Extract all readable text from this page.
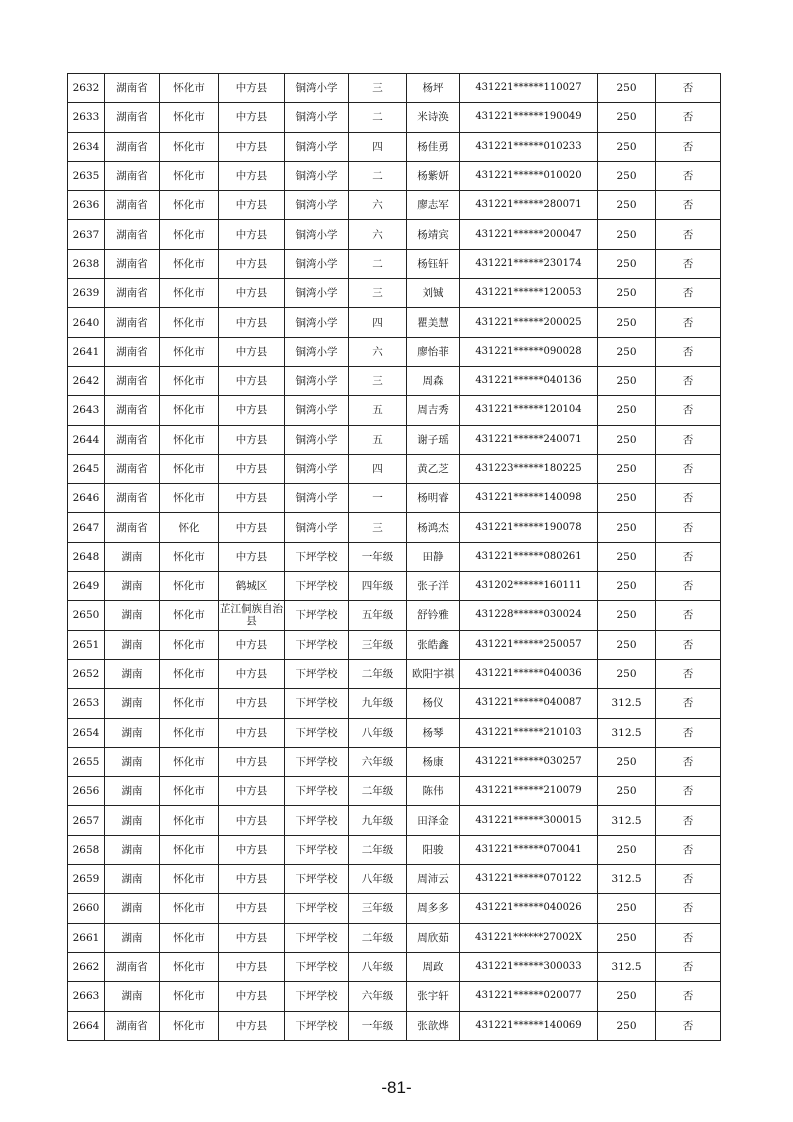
2632	湖南省	怀化市	中方县	铜湾小学	三	杨坪	431221******110027	250	否
2633	湖南省	怀化市	中方县	铜湾小学	二	米诗涣	431221******190049	250	否
2634	湖南省	怀化市	中方县	铜湾小学	四	杨佳勇	431221******010233	250	否
2635	湖南省	怀化市	中方县	铜湾小学	二	杨紫妍	431221******010020	250	否
2636	湖南省	怀化市	中方县	铜湾小学	六	廖志军	431221******280071	250	否
2637	湖南省	怀化市	中方县	铜湾小学	六	杨靖宾	431221******200047	250	否
2638	湖南省	怀化市	中方县	铜湾小学	二	杨钰轩	431221******230174	250	否
2639	湖南省	怀化市	中方县	铜湾小学	三	刘铖	431221******120053	250	否
2640	湖南省	怀化市	中方县	铜湾小学	四	瞿美慧	431221******200025	250	否
2641	湖南省	怀化市	中方县	铜湾小学	六	廖怡菲	431221******090028	250	否
2642	湖南省	怀化市	中方县	铜湾小学	三	周森	431221******040136	250	否
2643	湖南省	怀化市	中方县	铜湾小学	五	周吉秀	431221******120104	250	否
2644	湖南省	怀化市	中方县	铜湾小学	五	谢子瑶	431221******240071	250	否
2645	湖南省	怀化市	中方县	铜湾小学	四	黄乙芝	431223******180225	250	否
2646	湖南省	怀化市	中方县	铜湾小学	一	杨明睿	431221******140098	250	否
2647	湖南省	怀化	中方县	铜湾小学	三	杨鸿杰	431221******190078	250	否
2648	湖南	怀化市	中方县	下坪学校	一年级	田静	431221******080261	250	否
2649	湖南	怀化市	鹤城区	下坪学校	四年级	张子洋	431202******160111	250	否
2650	湖南	怀化市	芷江侗族自治县	下坪学校	五年级	舒钤雅	431228******030024	250	否
2651	湖南	怀化市	中方县	下坪学校	三年级	张皓鑫	431221******250057	250	否
2652	湖南	怀化市	中方县	下坪学校	二年级	欧阳宇祺	431221******040036	250	否
2653	湖南	怀化市	中方县	下坪学校	九年级	杨仪	431221******040087	312.5	否
2654	湖南	怀化市	中方县	下坪学校	八年级	杨琴	431221******210103	312.5	否
2655	湖南	怀化市	中方县	下坪学校	六年级	杨康	431221******030257	250	否
2656	湖南	怀化市	中方县	下坪学校	二年级	陈伟	431221******210079	250	否
2657	湖南	怀化市	中方县	下坪学校	九年级	田泽金	431221******300015	312.5	否
2658	湖南	怀化市	中方县	下坪学校	二年级	阳骏	431221******070041	250	否
2659	湖南	怀化市	中方县	下坪学校	八年级	周沛云	431221******070122	312.5	否
2660	湖南	怀化市	中方县	下坪学校	三年级	周多多	431221******040026	250	否
2661	湖南	怀化市	中方县	下坪学校	二年级	周欣茹	431221******27002X	250	否
2662	湖南省	怀化市	中方县	下坪学校	八年级	周政	431221******300033	312.5	否
2663	湖南	怀化市	中方县	下坪学校	六年级	张宇轩	431221******020077	250	否
2664	湖南省	怀化市	中方县	下坪学校	一年级	张歆烨	431221******140069	250	否
-81-
